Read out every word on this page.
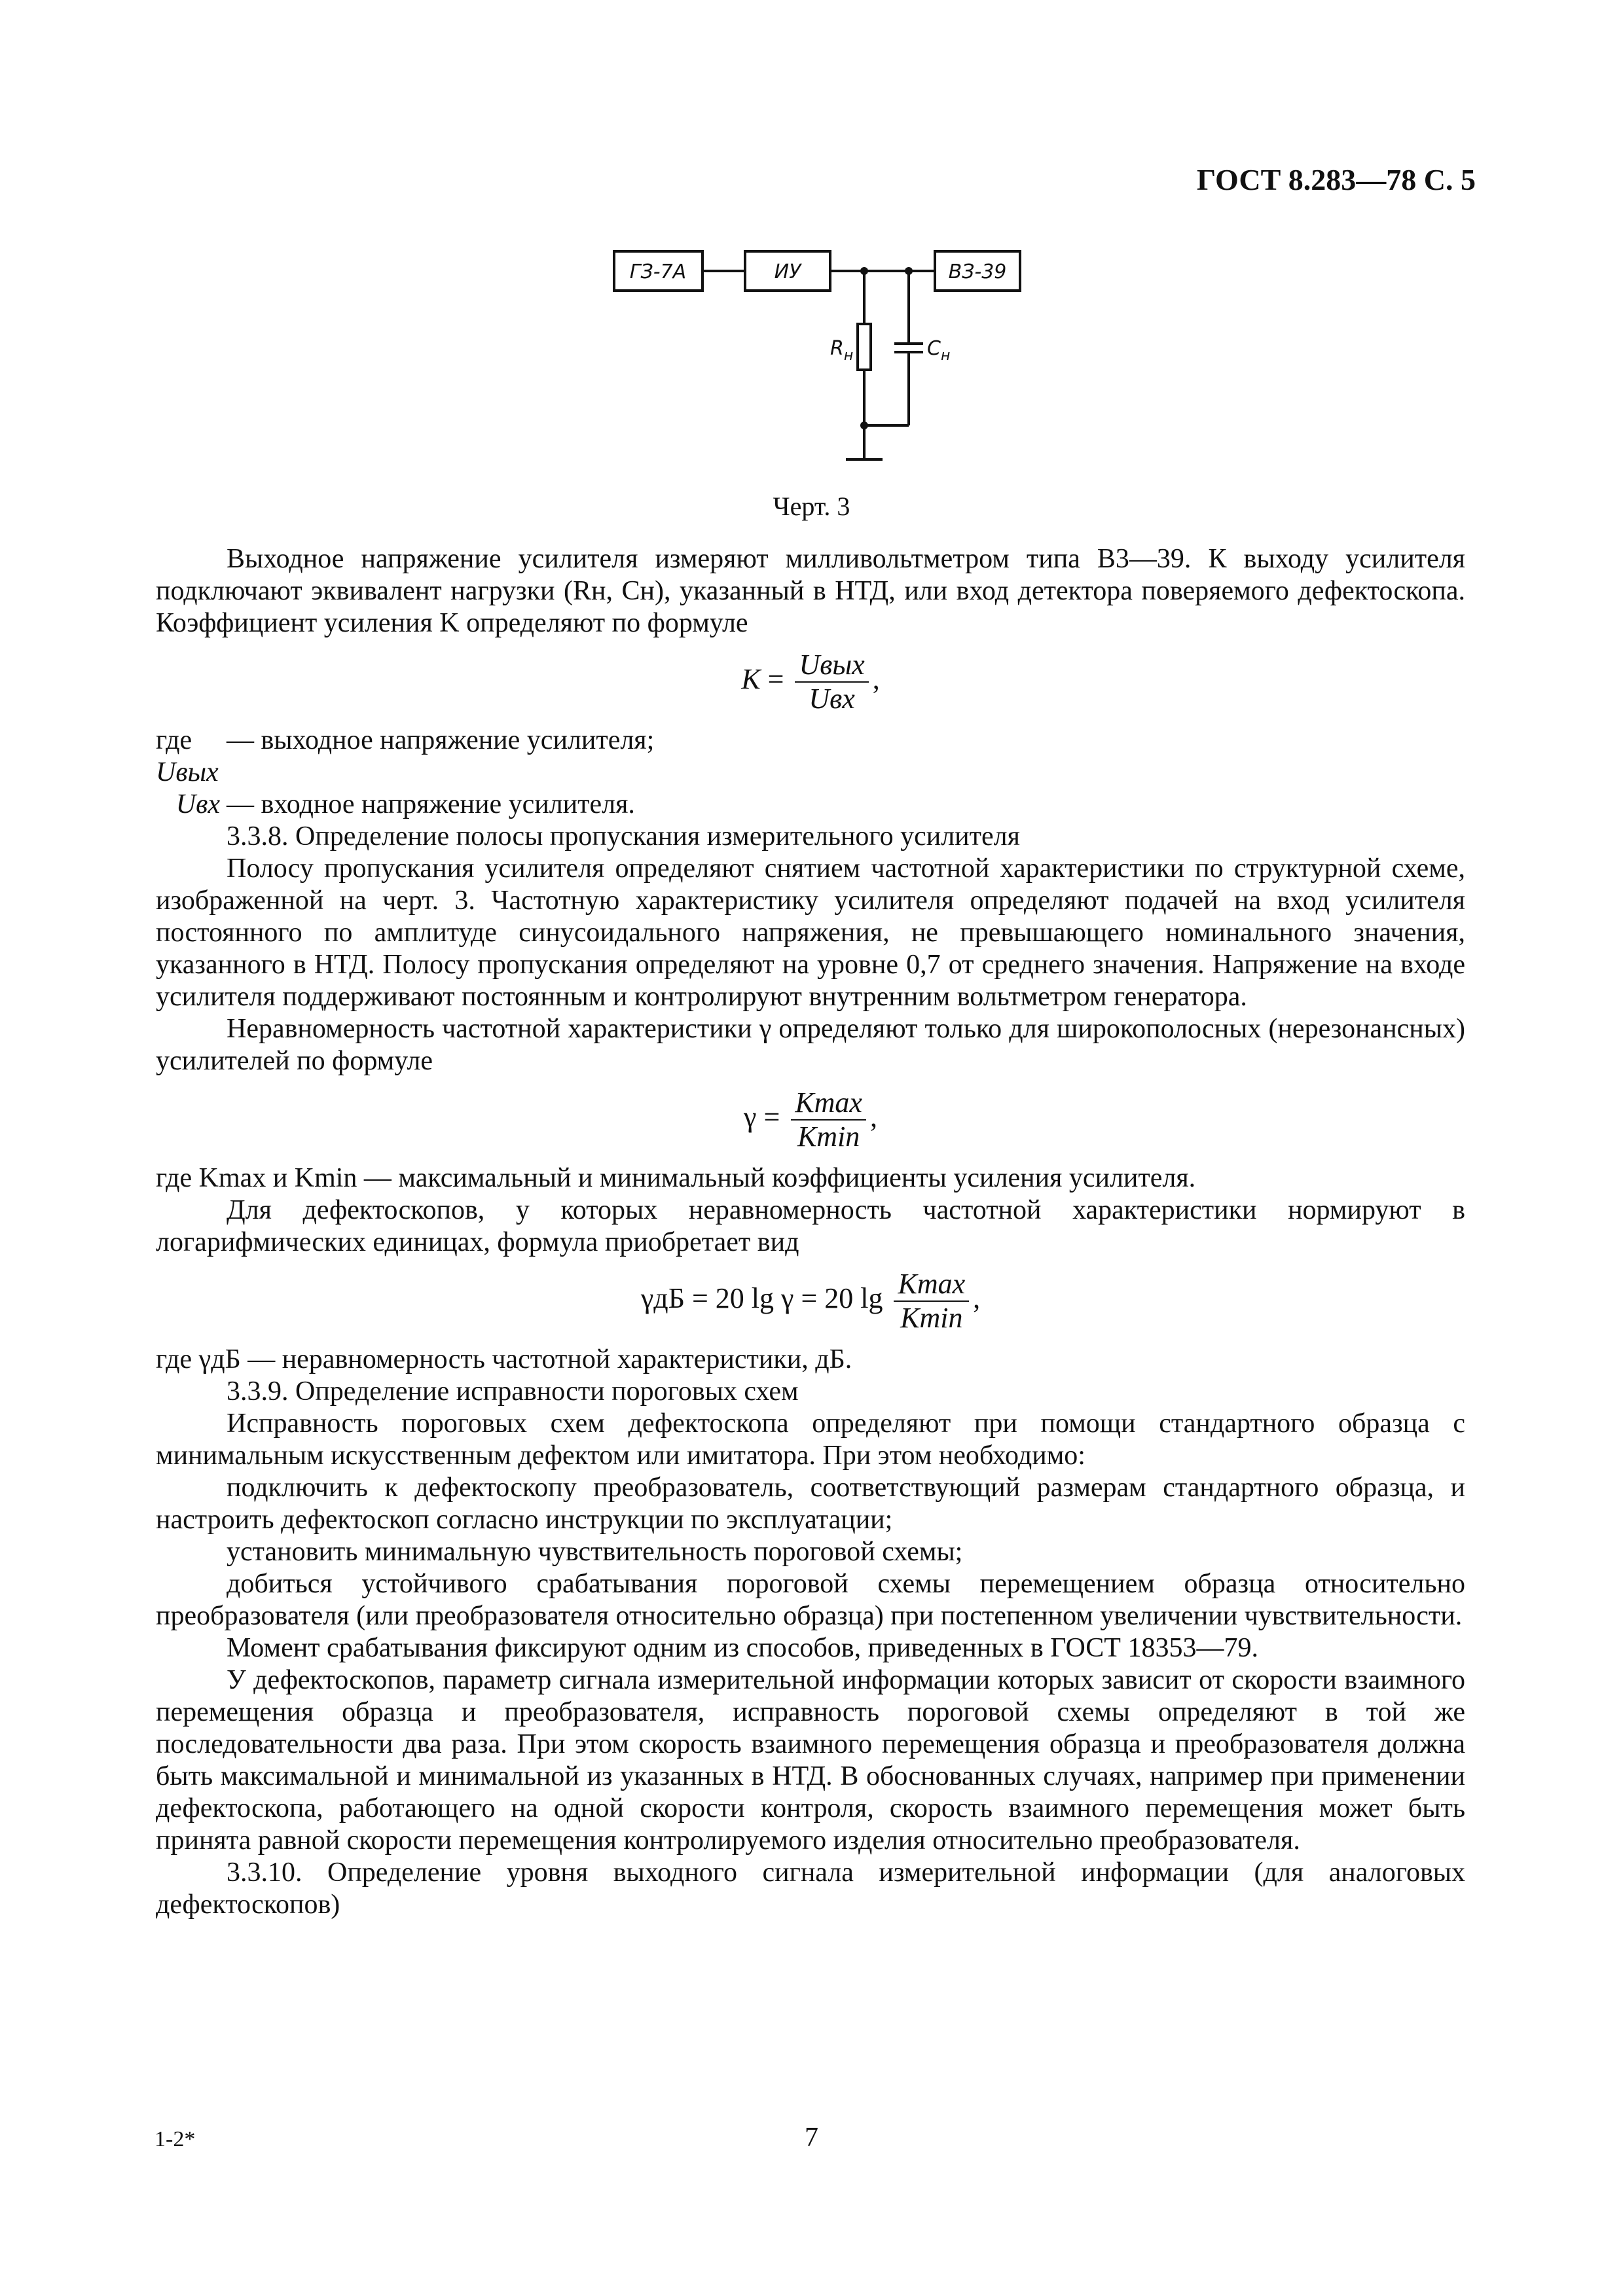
ГОСТ 8.283—78 С. 5
ГЗ-7А	ИУ	ВЗ-39
$R_н$	$C_н$
Черт. 3

Выходное напряжение усилителя измеряют милливольтметром типа В3—39. К выходу усилителя подключают эквивалент нагрузки (Rн, Cн), указанный в НТД, или вход детектора поверяемого дефектоскопа. Коэффициент усиления K определяют по формуле

$K = \frac{\text{Uвых}}{\text{Uвх}}$ ,
где Uвых
— выходное напряжение усилителя;
Uвх — входное напряжение усилителя.

3.3.8. Определение полосы пропускания измерительного усилителя

Полосу пропускания усилителя определяют снятием частотной характеристики по структурной схеме, изображенной на черт. 3. Частотную характеристику усилителя определяют подачей на вход усилителя постоянного по амплитуде синусоидального напряжения, не превышающего номинального значения, указанного в НТД. Полосу пропускания определяют на уровне 0,7 от среднего значения. Напряжение на входе усилителя поддерживают постоянным и контролируют внутренним вольтметром генератора.

Неравномерность частотной характеристики γ определяют только для широкополосных (нерезонансных) усилителей по формуле

$\gamma = \frac{Kmax}{Kmin}$ ,

где Kmax и Kmin — максимальный и минимальный коэффициенты усиления усилителя.

Для дефектоскопов, у которых неравномерность частотной характеристики нормируют в логарифмических единицах, формула приобретает вид

γдБ = 20 lg γ = 20 $\lg \frac{Kmax}{Kmin}$ ,

где γдБ — неравномерность частотной характеристики, дБ.

3.3.9. Определение исправности пороговых схем

Исправность пороговых схем дефектоскопа определяют при помощи стандартного образца с минимальным искусственным дефектом или имитатора. При этом необходимо:

подключить к дефектоскопу преобразователь, соответствующий размерам стандартного образца, и настроить дефектоскоп согласно инструкции по эксплуатации;

установить минимальную чувствительность пороговой схемы;

добиться устойчивого срабатывания пороговой схемы перемещением образца относительно преобразователя (или преобразователя относительно образца) при постепенном увеличении чувствительности.

Момент срабатывания фиксируют одним из способов, приведенных в ГОСТ 18353—79.

У дефектоскопов, параметр сигнала измерительной информации которых зависит от скорости взаимного перемещения образца и преобразователя, исправность пороговой схемы определяют в той же последовательности два раза. При этом скорость взаимного перемещения образца и преобразователя должна быть максимальной и минимальной из указанных в НТД. В обоснованных случаях, например при применении дефектоскопа, работающего на одной скорости контроля, скорость взаимного перемещения может быть принята равной скорости перемещения контролируемого изделия относительно преобразователя.

3.3.10. Определение уровня выходного сигнала измерительной информации (для аналоговых дефектоскопов)

1-2*	7
